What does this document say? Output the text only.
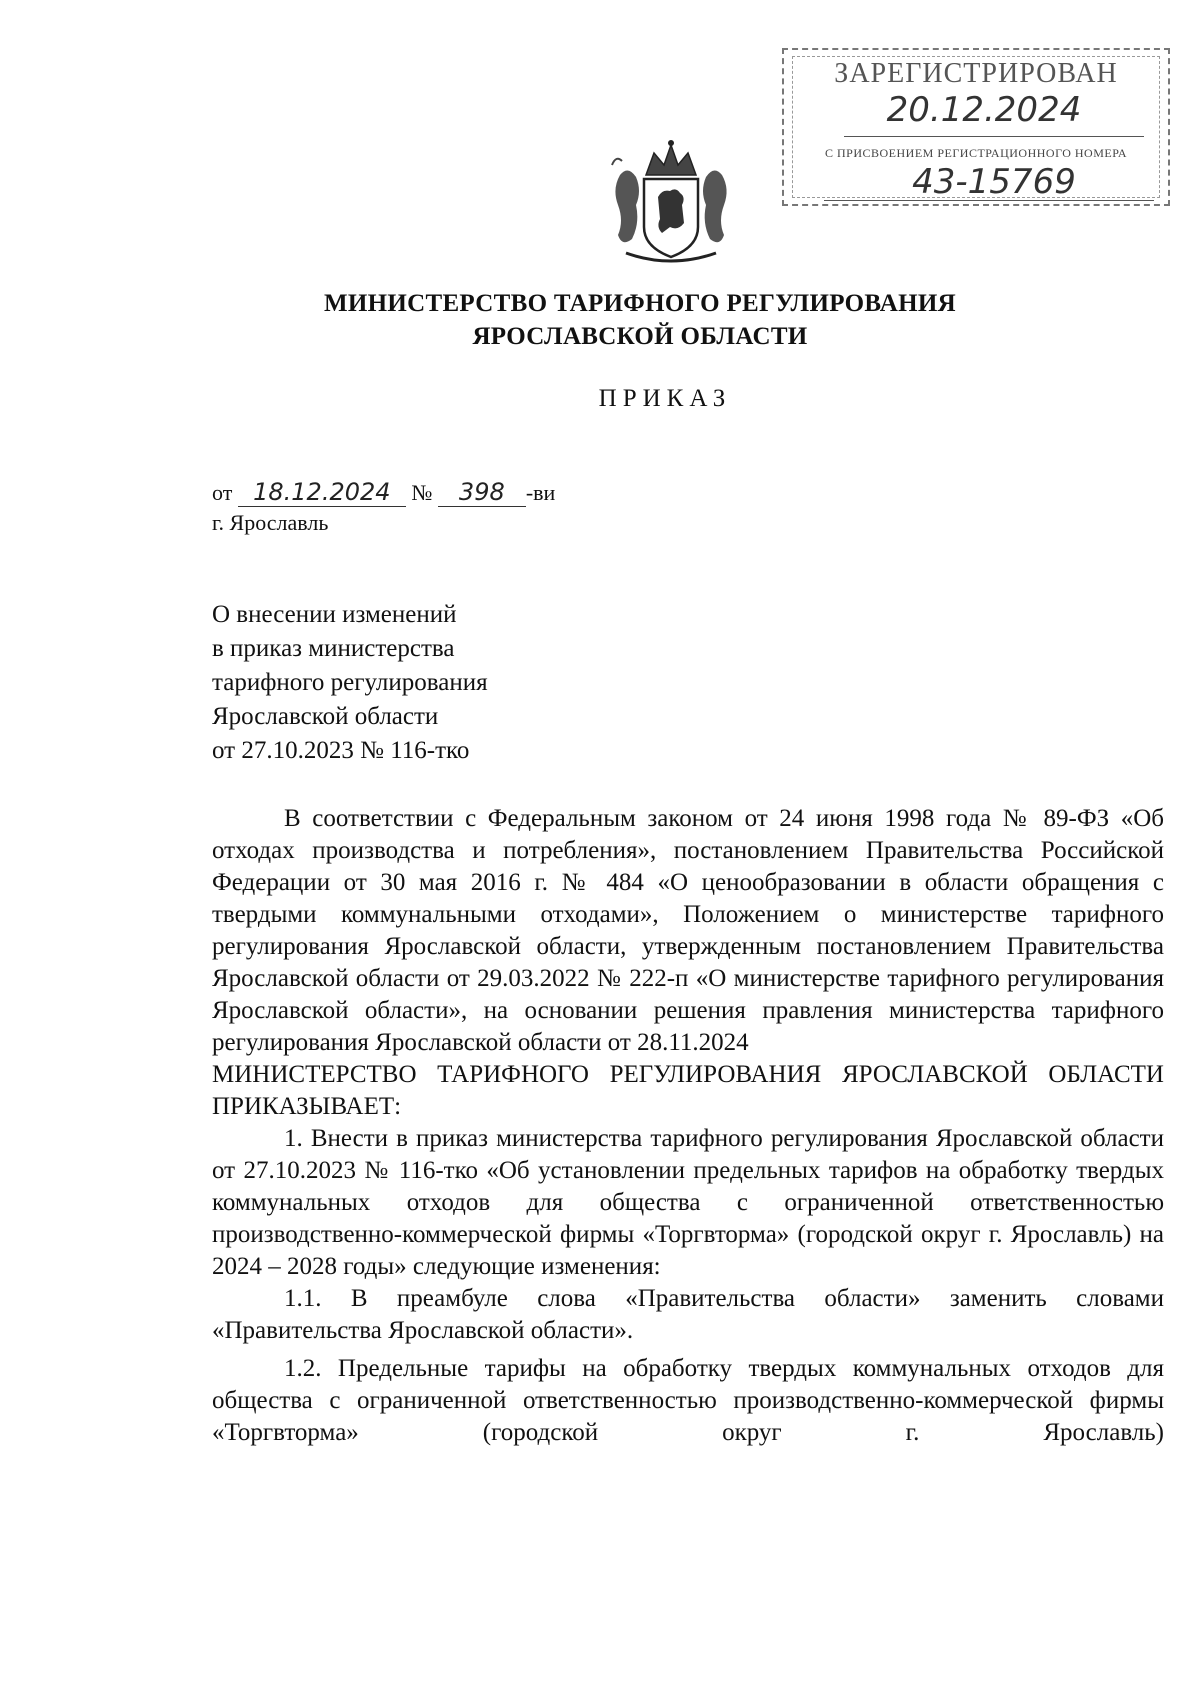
ЗАРЕГИСТРИРОВАН
20.12.2024
С ПРИСВОЕНИЕМ РЕГИСТРАЦИОННОГО НОМЕРА
43-15769
МИНИСТЕРСТВО ТАРИФНОГО РЕГУЛИРОВАНИЯ
ЯРОСЛАВСКОЙ ОБЛАСТИ
ПРИКАЗ
от 18.12.2024 № 398 -ви
г. Ярославль
О внесении изменений
в приказ министерства
тарифного регулирования
Ярославской области
от 27.10.2023 № 116-тко

В соответствии с Федеральным законом от 24 июня 1998 года № 89-ФЗ «Об отходах производства и потребления», постановлением Правительства Российской Федерации от 30 мая 2016 г. № 484 «О ценообразовании в области обращения с твердыми коммунальными отходами», Положением о министерстве тарифного регулирования Ярославской области, утвержденным постановлением Правительства Ярославской области от 29.03.2022 № 222-п «О министерстве тарифного регулирования Ярославской области», на основании решения правления министерства тарифного регулирования Ярославской области от 28.11.2024

МИНИСТЕРСТВО ТАРИФНОГО РЕГУЛИРОВАНИЯ ЯРОСЛАВСКОЙ ОБЛАСТИ ПРИКАЗЫВАЕТ:

1. Внести в приказ министерства тарифного регулирования Ярославской области от 27.10.2023 № 116-тко «Об установлении предельных тарифов на обработку твердых коммунальных отходов для общества с ограниченной ответственностью производственно-коммерческой фирмы «Торгвторма» (городской округ г. Ярославль) на 2024 – 2028 годы» следующие изменения:

1.1. В преамбуле слова «Правительства области» заменить словами «Правительства Ярославской области».

1.2. Предельные тарифы на обработку твердых коммунальных отходов для общества с ограниченной ответственностью производственно-коммерческой фирмы «Торгвторма» (городской округ г. Ярославль)
